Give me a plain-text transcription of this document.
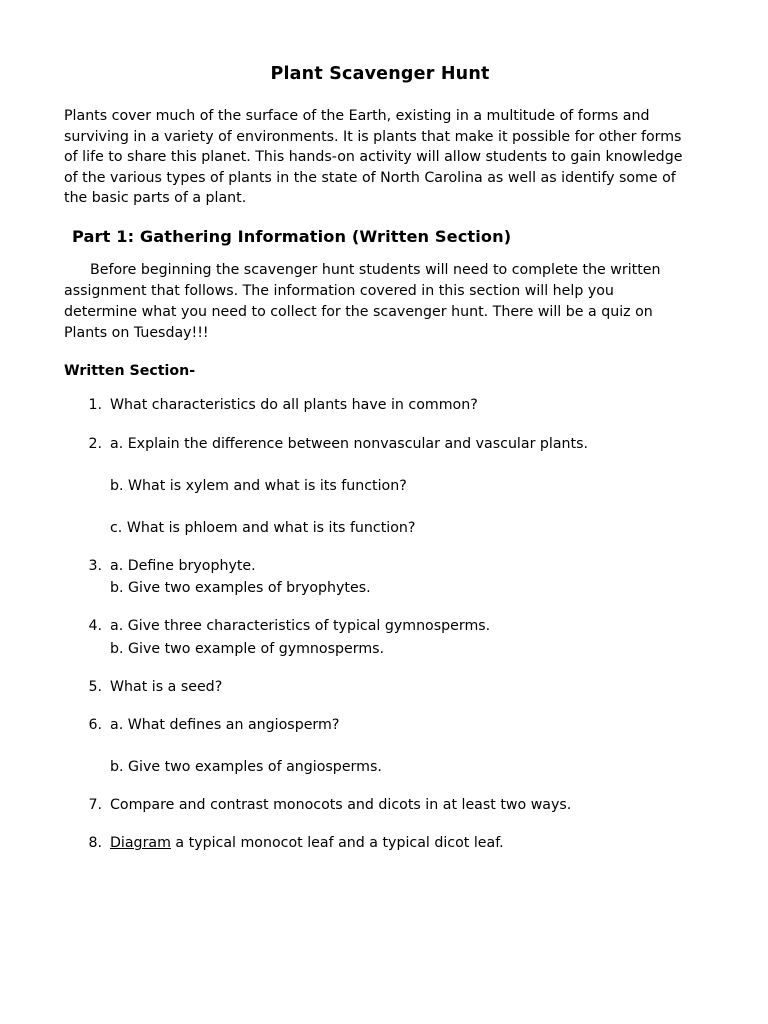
Plant Scavenger Hunt

Plants cover much of the surface of the Earth, existing in a multitude of forms and surviving in a variety of environments. It is plants that make it possible for other forms of life to share this planet. This hands-on activity will allow students to gain knowledge of the various types of plants in the state of North Carolina as well as identify some of the basic parts of a plant.

Part 1: Gathering Information (Written Section)

Before beginning the scavenger hunt students will need to complete the written assignment that follows. The information covered in this section will help you determine what you need to collect for the scavenger hunt. There will be a quiz on Plants on Tuesday!!!

Written Section-
1. What characteristics do all plants have in common?
2. a. Explain the difference between nonvascular and vascular plants.
b. What is xylem and what is its function?
c. What is phloem and what is its function?
3. a. Define bryophyte.
b. Give two examples of bryophytes.
4. a. Give three characteristics of typical gymnosperms.
b. Give two example of gymnosperms.
5. What is a seed?
6. a. What defines an angiosperm?
b. Give two examples of angiosperms.
7. Compare and contrast monocots and dicots in at least two ways.
8. Diagram a typical monocot leaf and a typical dicot leaf.
